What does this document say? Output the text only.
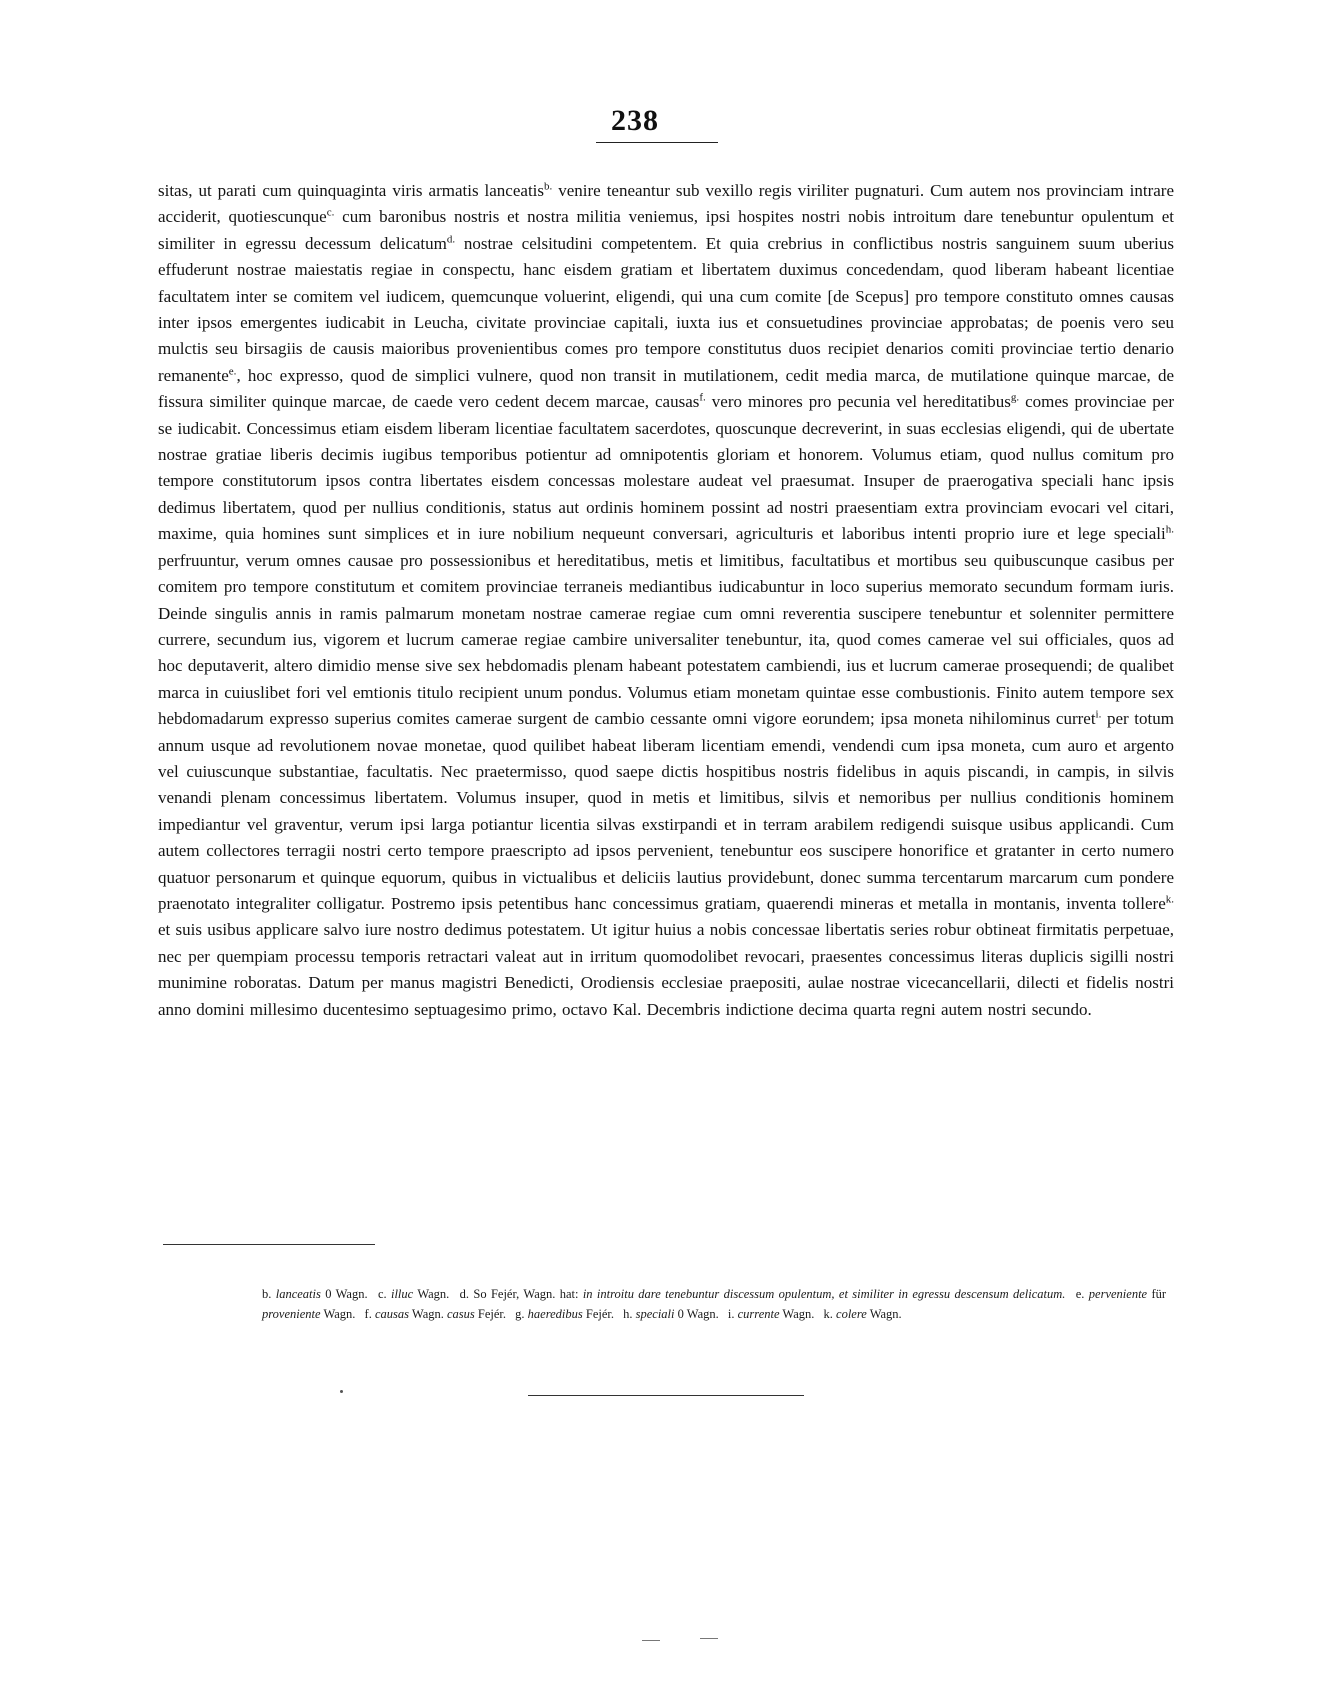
238

sitas, ut parati cum quinquaginta viris armatis lanceatis$^{b.}$ venire teneantur sub vexillo regis viriliter pugnaturi. Cum autem nos provinciam intrare acciderit, quotiescunque$^{c.}$ cum baronibus nostris et nostra militia veniemus, ipsi hospites nostri nobis introitum dare tenebuntur opulentum et similiter in egressu decessum delicatum$^{d.}$ nostrae celsitudini competentem. Et quia crebrius in conflictibus nostris sanguinem suum uberius effuderunt nostrae maiestatis regiae in conspectu, hanc eisdem gratiam et libertatem duximus concedendam, quod liberam habeant licentiae facultatem inter se comitem vel iudicem, quemcunque voluerint, eligendi, qui una cum comite [de Scepus] pro tempore constituto omnes causas inter ipsos emergentes iudicabit in Leucha, civitate provinciae capitali, iuxta ius et consuetudines provinciae approbatas; de poenis vero seu mulctis seu birsagiis de causis maioribus provenientibus comes pro tempore constitutus duos recipiet denarios comiti provinciae tertio denario remanente$^{e.}$, hoc expresso, quod de simplici vulnere, quod non transit in mutilationem, cedit media marca, de mutilatione quinque marcae, de fissura similiter quinque marcae, de caede vero cedent decem marcae, causas$^{f.}$ vero minores pro pecunia vel hereditatibus$^{g.}$ comes provinciae per se iudicabit. Concessimus etiam eisdem liberam licentiae facultatem sacerdotes, quoscunque decreverint, in suas ecclesias eligendi, qui de ubertate nostrae gratiae liberis decimis iugibus temporibus potientur ad omnipotentis gloriam et honorem. Volumus etiam, quod nullus comitum pro tempore constitutorum ipsos contra libertates eisdem concessas molestare audeat vel praesumat. Insuper de praerogativa speciali hanc ipsis dedimus libertatem, quod per nullius conditionis, status aut ordinis hominem possint ad nostri praesentiam extra provinciam evocari vel citari, maxime, quia homines sunt simplices et in iure nobilium nequeunt conversari, agriculturis et laboribus intenti proprio iure et lege speciali$^{h.}$ perfruuntur, verum omnes causae pro possessionibus et hereditatibus, metis et limitibus, facultatibus et mortibus seu quibuscunque casibus per comitem pro tempore constitutum et comitem provinciae terraneis mediantibus iudicabuntur in loco superius memorato secundum formam iuris. Deinde singulis annis in ramis palmarum monetam nostrae camerae regiae cum omni reverentia suscipere tenebuntur et solenniter permittere currere, secundum ius, vigorem et lucrum camerae regiae cambire universaliter tenebuntur, ita, quod comes camerae vel sui officiales, quos ad hoc deputaverit, altero dimidio mense sive sex hebdomadis plenam habeant potestatem cambiendi, ius et lucrum camerae prosequendi; de qualibet marca in cuiuslibet fori vel emtionis titulo recipient unum pondus. Volumus etiam monetam quintae esse combustionis. Finito autem tempore sex hebdomadarum expresso superius comites camerae surgent de cambio cessante omni vigore eorundem; ipsa moneta nihilominus curret$^{i.}$ per totum annum usque ad revolutionem novae monetae, quod quilibet habeat liberam licentiam emendi, vendendi cum ipsa moneta, cum auro et argento vel cuiuscunque substantiae, facultatis. Nec praetermisso, quod saepe dictis hospitibus nostris fidelibus in aquis piscandi, in campis, in silvis venandi plenam concessimus libertatem. Volumus insuper, quod in metis et limitibus, silvis et nemoribus per nullius conditionis hominem impediantur vel graventur, verum ipsi larga potiantur licentia silvas exstirpandi et in terram arabilem redigendi suisque usibus applicandi. Cum autem collectores terragii nostri certo tempore praescripto ad ipsos pervenient, tenebuntur eos suscipere honorifice et gratanter in certo numero quatuor personarum et quinque equorum, quibus in victualibus et deliciis lautius providebunt, donec summa tercentarum marcarum cum pondere praenotato integraliter colligatur. Postremo ipsis petentibus hanc concessimus gratiam, quaerendi mineras et metalla in montanis, inventa tollere$^{k.}$ et suis usibus applicare salvo iure nostro dedimus potestatem. Ut igitur huius a nobis concessae libertatis series robur obtineat firmitatis perpetuae, nec per quempiam processu temporis retractari valeat aut in irritum quomodolibet revocari, praesentes concessimus literas duplicis sigilli nostri munimine roboratas. Datum per manus magistri Benedicti, Orodiensis ecclesiae praepositi, aulae nostrae vicecancellarii, dilecti et fidelis nostri anno domini millesimo ducentesimo septuagesimo primo, octavo Kal. Decembris indictione decima quarta regni autem nostri secundo.

b. lanceatis 0 Wagn. c. illuc Wagn. d. So Fejér, Wagn. hat: in introitu dare tenebuntur discessum opulentum, et similiter in egressu descensum delicatum. e. perveniente für proveniente Wagn. f. causas Wagn. casus Fejér. g. haeredibus Fejér. h. speciali 0 Wagn. i. currente Wagn. k. colere Wagn.
